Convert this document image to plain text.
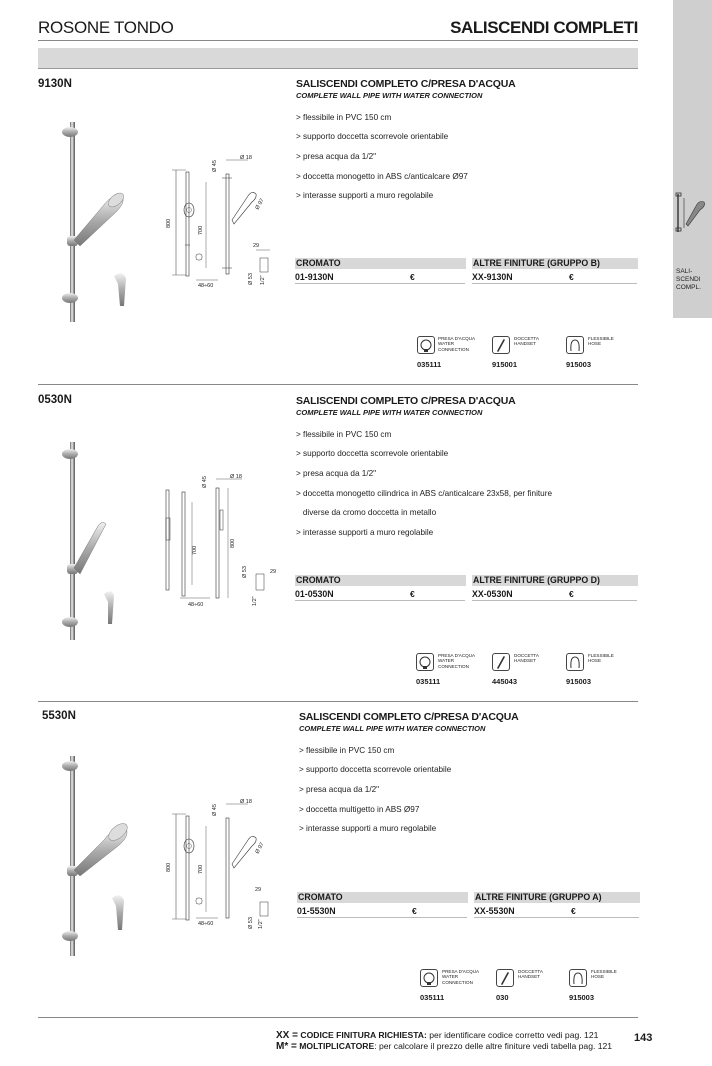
ROSONE TONDO	SALISCENDI COMPLETI
SALI-
SCENDI
COMPL.
9130N
800
700
Ø 45
Ø 18
Ø 97
29
Ø 53 1/2"
48÷60
SALISCENDI COMPLETO C/PRESA D'ACQUA
COMPLETE WALL PIPE WITH WATER CONNECTION

> flessibile in PVC 150 cm

> supporto doccetta scorrevole orientabile

> presa acqua da 1/2"

> doccetta monogetto in ABS c/anticalcare Ø97

> interasse supporti a muro regolabile

CROMATO	ALTRE FINITURE (GRUPPO B)
01-9130N	€	XX-9130N	€
PRESA D'ACQUA
WATER
CONNECTION
035111
DOCCETTA
HANDSET
915001
FLESSIBILE
HOSE
915003
0530N
700
800
Ø 45	Ø 18
29
Ø 53
1/2"
48÷60
SALISCENDI COMPLETO C/PRESA D'ACQUA
COMPLETE WALL PIPE WITH WATER CONNECTION

> flessibile in PVC 150 cm

> supporto doccetta scorrevole orientabile

> presa acqua da 1/2"

> doccetta monogetto cilindrica in ABS c/anticalcare 23x58, per finiture

diverse da cromo doccetta in metallo

> interasse supporti a muro regolabile

CROMATO	ALTRE FINITURE (GRUPPO D)
01-0530N	€	XX-0530N	€
PRESA D'ACQUA
WATER
CONNECTION
035111
DOCCETTA
HANDSET
445043
FLESSIBILE
HOSE
915003
5530N
800	700
Ø 45
Ø 18
Ø 97
29
Ø 53 1/2"
48÷60
SALISCENDI COMPLETO C/PRESA D'ACQUA
COMPLETE WALL PIPE WITH WATER CONNECTION

> flessibile in PVC 150 cm

> supporto doccetta scorrevole orientabile

> presa acqua da 1/2"

> doccetta multigetto in ABS Ø97

> interasse supporti a muro regolabile

CROMATO	ALTRE FINITURE (GRUPPO A)
01-5530N	€	XX-5530N	€
PRESA D'ACQUA
WATER
CONNECTION
035111
DOCCETTA
HANDSET
030
FLESSIBILE
HOSE
915003
XX = CODICE FINITURA RICHIESTA: per identificare codice corretto vedi pag. 121
M* = MOLTIPLICATORE: per calcolare il prezzo delle altre finiture vedi tabella pag. 121
143
